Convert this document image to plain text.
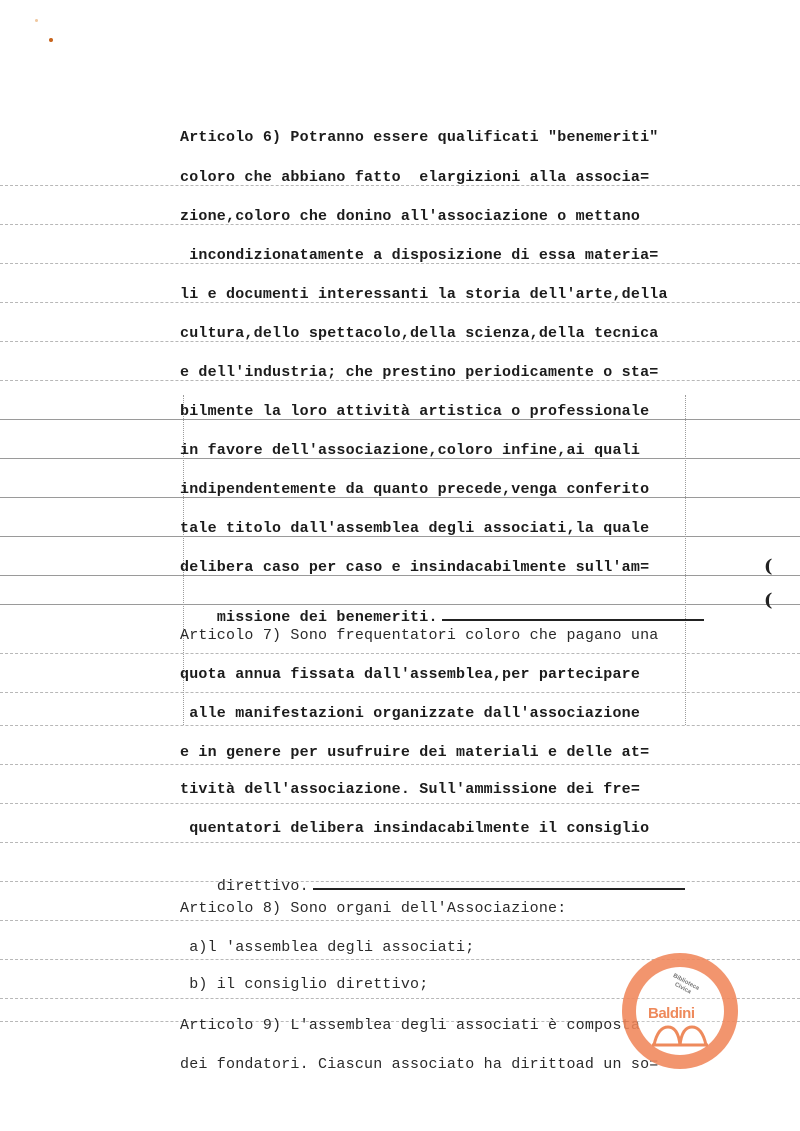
Articolo 6) Potranno essere qualificati "benemeriti"
coloro che abbiano fatto  elargizioni alla associa=
zione,coloro che donino all'associazione o mettano
incondizionatamente a disposizione di essa materia=
li e documenti interessanti la storia dell'arte,della
cultura,dello spettacolo,della scienza,della tecnica
e dell'industria; che prestino periodicamente o sta=
bilmente la loro attività artistica o professionale
in favore dell'associazione,coloro infine,ai quali
indipendentemente da quanto precede,venga conferito
tale titolo dall'assemblea degli associati,la quale
delibera caso per caso e insindacabilmente sull'am=

missione dei benemeriti.

Articolo 7) Sono frequentatori coloro che pagano una
quota annua fissata dall'assemblea,per partecipare
alle manifestazioni organizzate dall'associazione
e in genere per usufruire dei materiali e delle at=
tività dell'associazione. Sull'ammissione dei fre=
quentatori delibera insindacabilmente il consiglio

direttivo.

Articolo 8) Sono organi dell'Associazione:
a)l 'assemblea degli associati;
b) il consiglio direttivo;
Articolo 9) L'assemblea degli associati è composta
dei fondatori. Ciascun associato ha dirittoad un so=
(
(
Biblioteca Civica
Baldini
